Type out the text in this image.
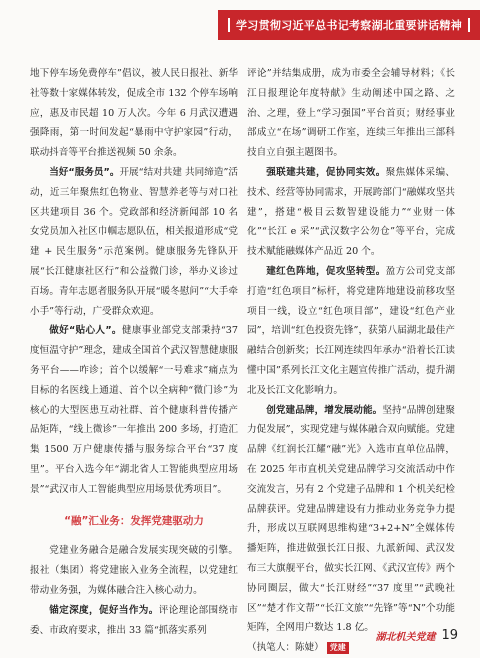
学习贯彻习近平总书记考察湖北重要讲话精神

地下停车场免费停车”倡议，被人民日报社、新华社等数十家媒体转发，促成全市 132 个停车场响应，惠及市民超 10 万人次。今年 6 月武汉遭遇强降雨，第一时间发起“暴雨中守护家园”行动，联动抖音等平台推送视频 50 余条。

当好“服务员”。开展“结对共建 共同缔造”活动，近三年聚焦红色物业、智慧养老等与对口社区共建项目 36 个。党政部和经济新闻部 10 名女党员加入社区巾帼志愿队伍，相关报道形成“党建 + 民生服务”示范案例。健康服务先锋队开展“长江健康社区行”和公益微门诊，举办义诊过百场。青年志愿者服务队开展“暖冬慰问”“大手牵小手”等行动，广受群众欢迎。

做好“贴心人”。健康事业部党支部秉持“37 度恒温守护”理念，建成全国首个武汉智慧健康服务平台——咋诊；首个以缓解“一号难求”痛点为目标的名医线上通道、首个以全病种“微门诊”为核心的大型医患互动社群、首个健康科普传播产品矩阵，“线上微诊”一年推出 200 多场，打造汇集 1500 万户健康传播与服务综合平台“37 度里”。平台入选今年“湖北省人工智能典型应用场景”“武汉市人工智能典型应用场景优秀项目”。

“融”汇业务：发挥党建驱动力

党建业务融合是融合发展实现突破的引擎。报社（集团）将党建嵌入业务全流程，以党建红带动业务强，为媒体融合注入核心动力。

锚定深度，促好当作为。评论理论部围绕市委、市政府要求，推出 33 篇“抓落实系列

评论”并结集成册，成为市委全会辅导材料；《长江日报理论年度特献》生动阐述中国之路、之治、之理，登上“学习强国”平台首页；财经事业部成立“在场”调研工作室，连续三年推出三部科技自立自强主题图书。

强联建共建，促协同实效。聚焦媒体采编、技术、经营等协同需求，开展跨部门“融媒攻坚共建”，搭建“极目云数智建设能力”“业财一体化”“长江 e 采”“武汉数字公勿仓”等平台，完成技术赋能融媒体产品近 20 个。

建红色阵地，促攻坚转型。盈方公司党支部打造“红色项目”标杆，将党建阵地建设前移攻坚项目一线，设立“红色项目部”，建设“红色产业园”，培训“红色投资先锋”，获第八届湖北最佳产融结合创新奖；长江网连续四年承办“沿着长江读懂中国”系列长江文化主题宣传推广活动，提升湖北及长江文化影响力。

创党建品牌，增发展动能。坚持“品牌创建聚力促发展”，实现党建与媒体融合双向赋能。党建品牌《红润长江耀“融”光》入选市直单位品牌，在 2025 年市直机关党建品牌学习交流活动中作交流发言，另有 2 个党建子品牌和 1 个机关纪检品牌获评。党建品牌建设有力推动业务竞争力提升，形成以互联网思维构建“3+2+N”全媒体传播矩阵，推进做强长江日报、九派新闻、武汉发布三大旗舰平台，做实长江网、《武汉宣传》两个协同圈层，做大“长江财经”“37 度里”“武晚社区”“楚才作文帮”“长江文旅”“先锋”等“N”个功能矩阵，全网用户数达 1.8 亿。

（执笔人：陈婕） 党建

湖北机关党建 19
